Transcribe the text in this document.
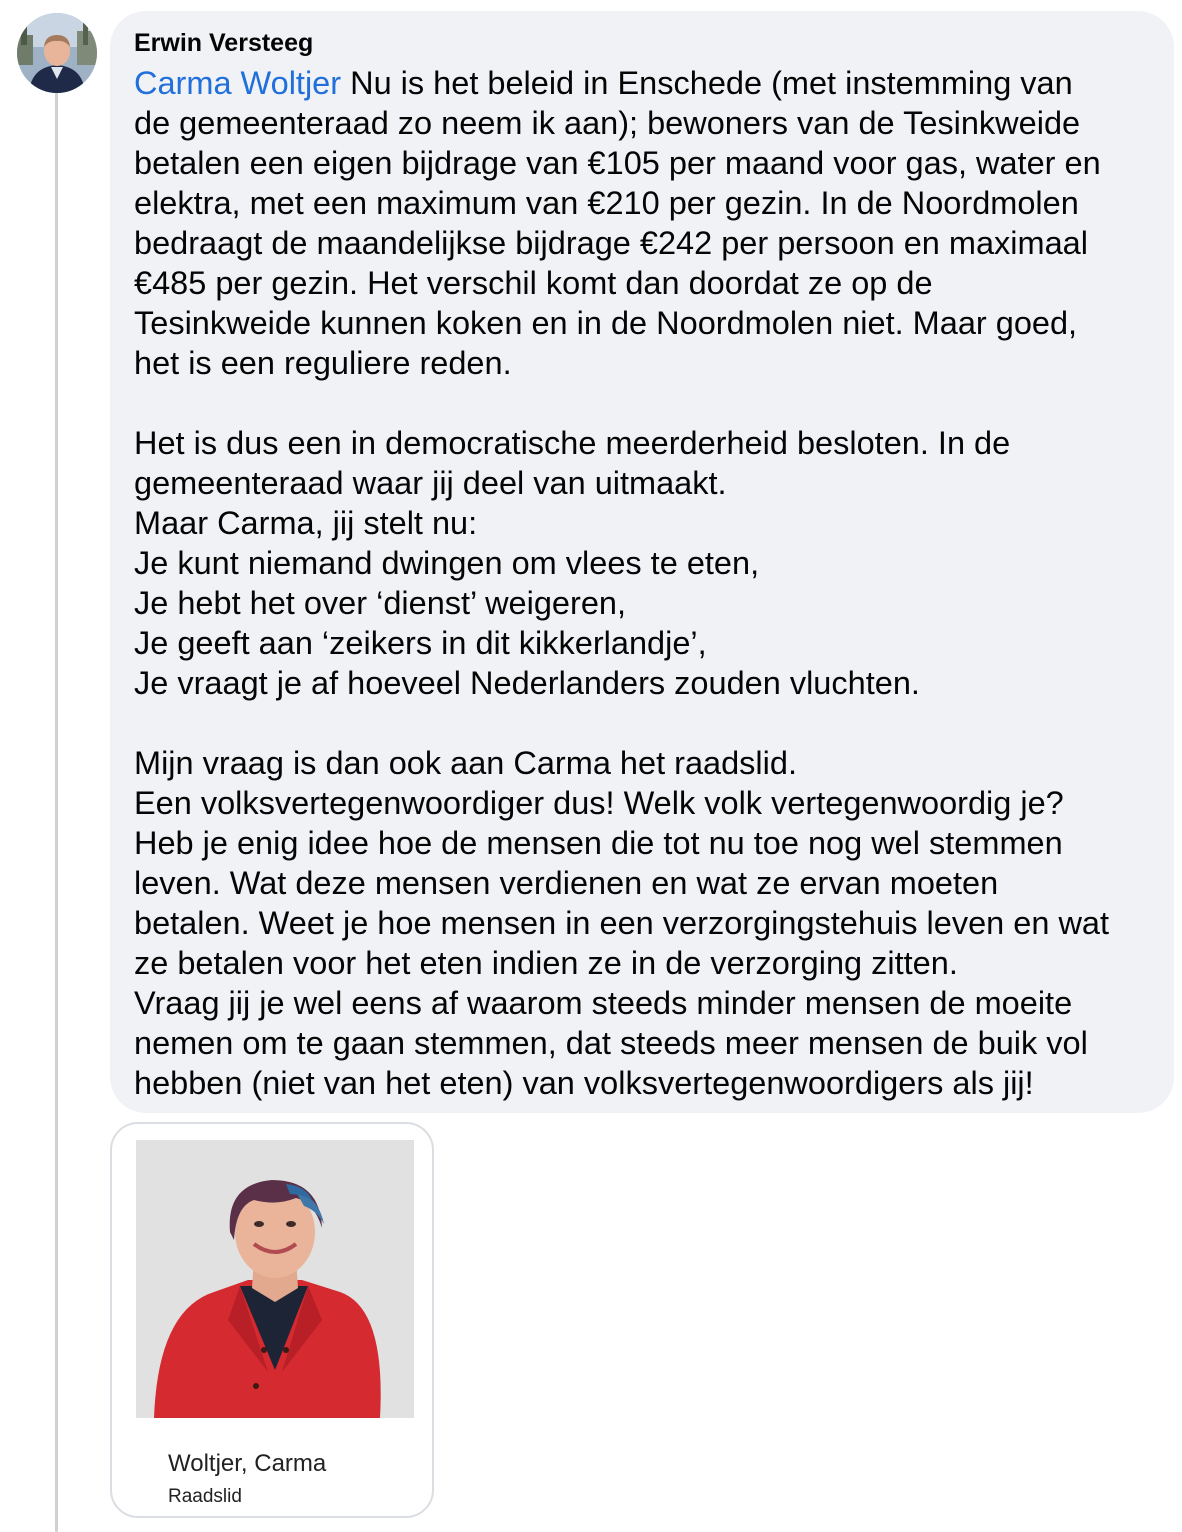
Erwin Versteeg
Carma Woltjer Nu is het beleid in Enschede (met instemming van
de gemeenteraad zo neem ik aan); bewoners van de Tesinkweide
betalen een eigen bijdrage van €105 per maand voor gas, water en
elektra, met een maximum van €210 per gezin. In de Noordmolen
bedraagt de maandelijkse bijdrage €242 per persoon en maximaal
€485 per gezin. Het verschil komt dan doordat ze op de
Tesinkweide kunnen koken en in de Noordmolen niet. Maar goed,
het is een reguliere reden.
Het is dus een in democratische meerderheid besloten. In de
gemeenteraad waar jij deel van uitmaakt.
Maar Carma, jij stelt nu:
Je kunt niemand dwingen om vlees te eten,
Je hebt het over ‘dienst’ weigeren,
Je geeft aan ‘zeikers in dit kikkerlandje’,
Je vraagt je af hoeveel Nederlanders zouden vluchten.
Mijn vraag is dan ook aan Carma het raadslid.
Een volksvertegenwoordiger dus! Welk volk vertegenwoordig je?
Heb je enig idee hoe de mensen die tot nu toe nog wel stemmen
leven. Wat deze mensen verdienen en wat ze ervan moeten
betalen. Weet je hoe mensen in een verzorgingstehuis leven en wat
ze betalen voor het eten indien ze in de verzorging zitten.
Vraag jij je wel eens af waarom steeds minder mensen de moeite
nemen om te gaan stemmen, dat steeds meer mensen de buik vol
hebben (niet van het eten) van volksvertegenwoordigers als jij!
Woltjer, Carma
Raadslid
